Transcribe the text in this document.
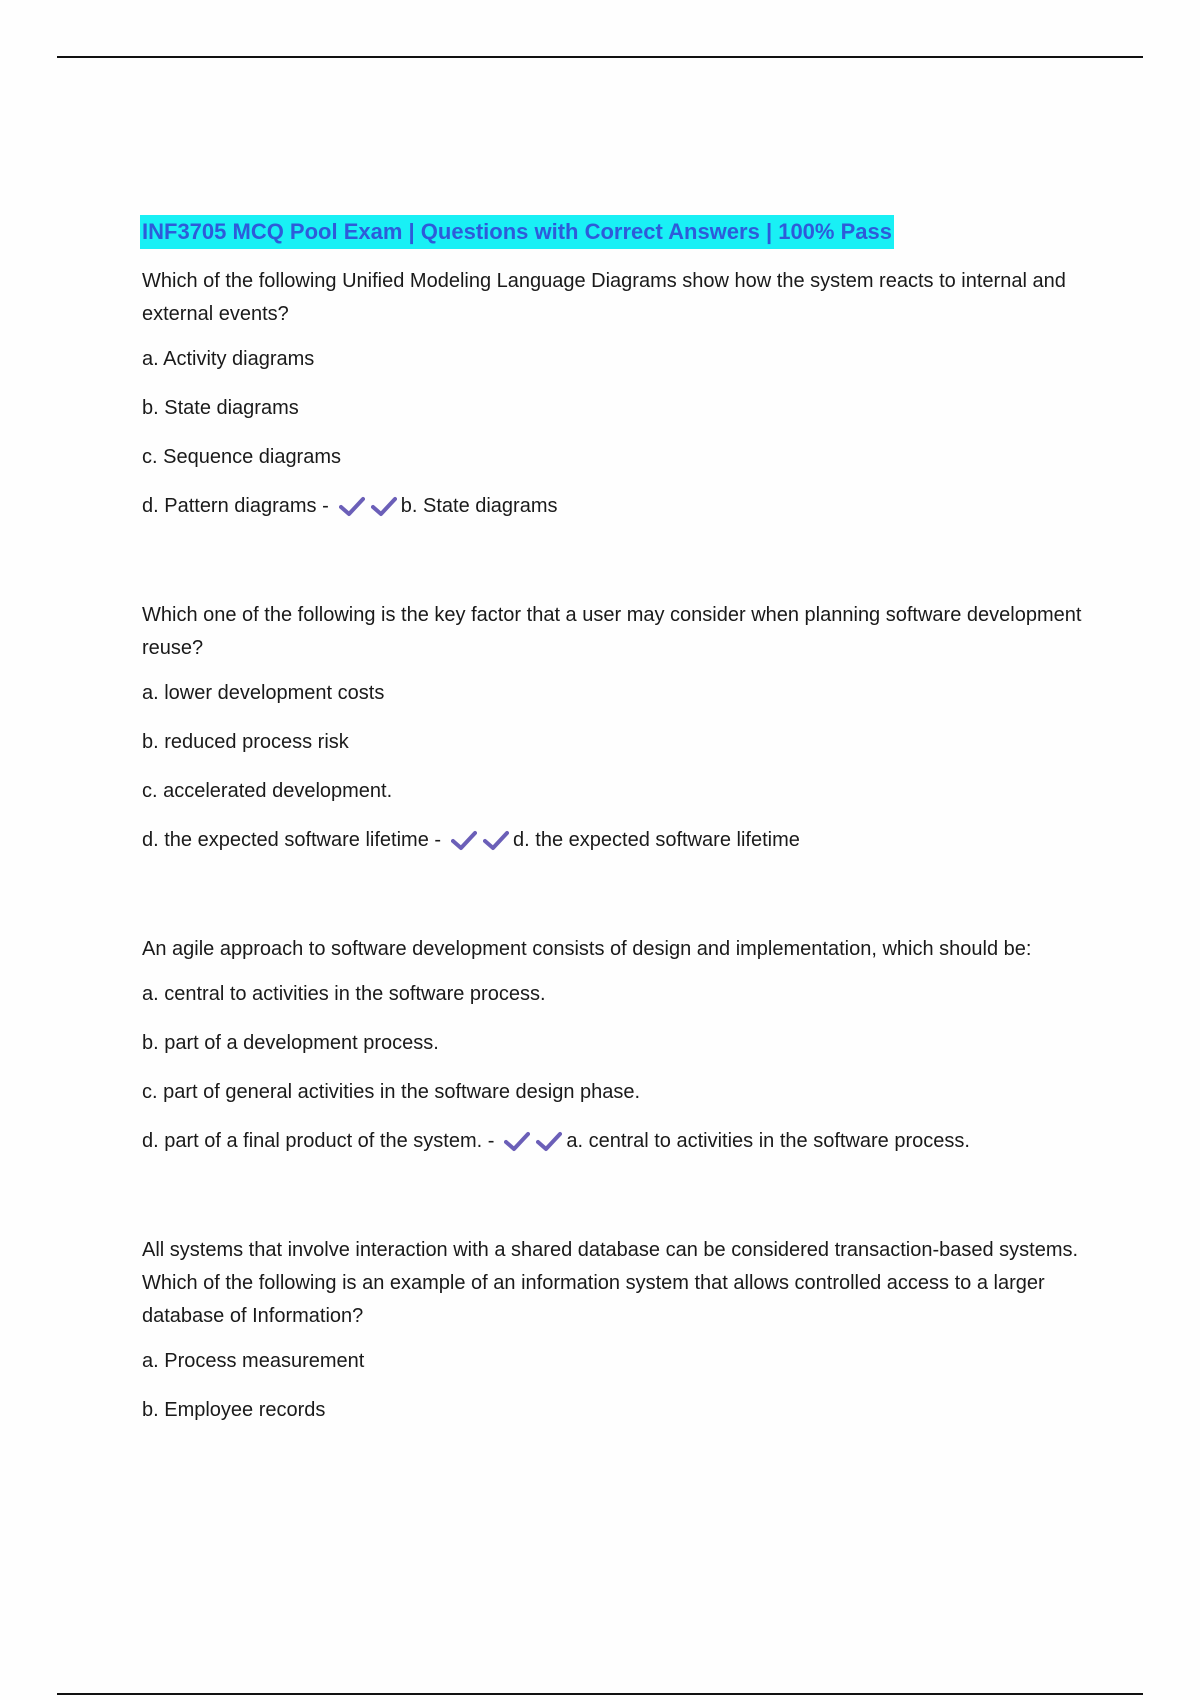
INF3705 MCQ Pool Exam | Questions with Correct Answers | 100% Pass
Which of the following Unified Modeling Language Diagrams show how the system reacts to internal and external events?
a. Activity diagrams
b. State diagrams
c. Sequence diagrams
d. Pattern diagrams -	b. State diagrams
Which one of the following is the key factor that a user may consider when planning software development reuse?
a. lower development costs
b. reduced process risk
c. accelerated development.
d. the expected software lifetime -	d. the expected software lifetime
An agile approach to software development consists of design and implementation, which should be:
a. central to activities in the software process.
b. part of a development process.
c. part of general activities in the software design phase.
d. part of a final product of the system. -	a. central to activities in the software process.
All systems that involve interaction with a shared database can be considered transaction-based systems. Which of the following is an example of an information system that allows controlled access to a larger database of Information?
a. Process measurement
b. Employee records
